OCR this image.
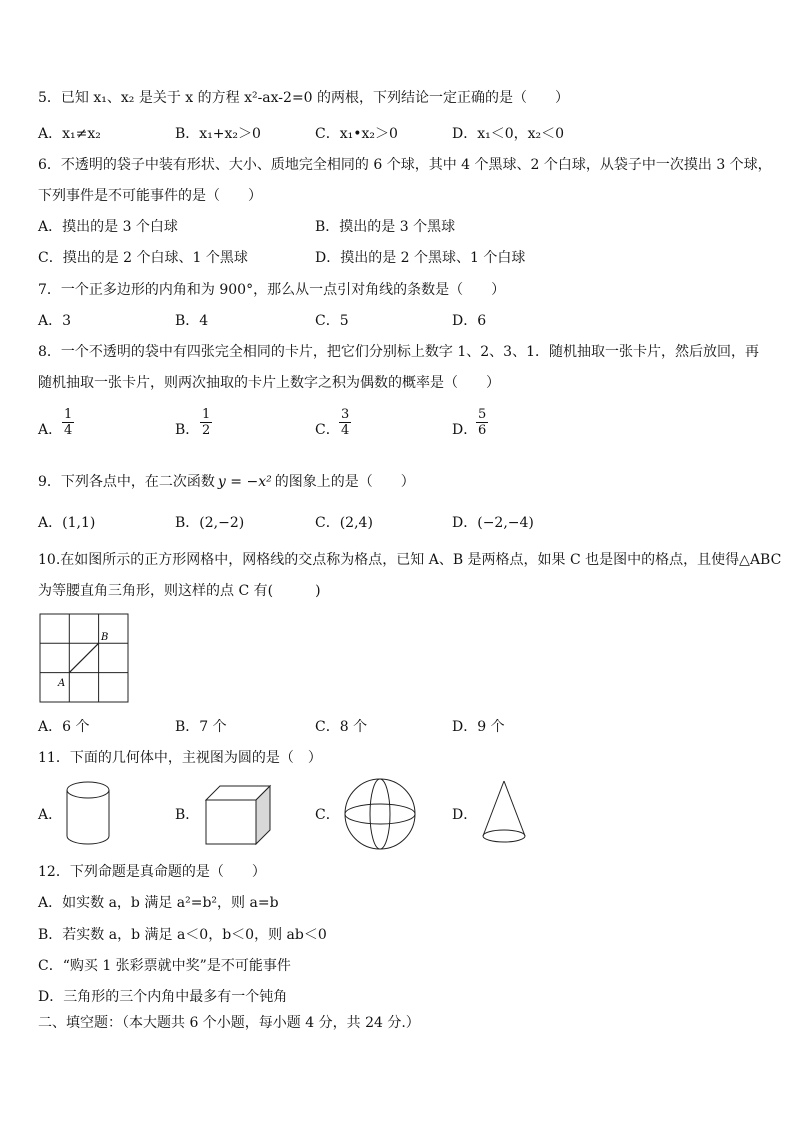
5．已知 x₁、x₂ 是关于 x 的方程 x²-ax-2=0 的两根，下列结论一定正确的是（　　）
A．x₁≠x₂	B．x₁+x₂＞0	C．x₁•x₂＞0	D．x₁＜0，x₂＜0
6．不透明的袋子中装有形状、大小、质地完全相同的 6 个球，其中 4 个黑球、2 个白球，从袋子中一次摸出 3 个球，
下列事件是不可能事件的是（　　）
A．摸出的是 3 个白球	B．摸出的是 3 个黑球
C．摸出的是 2 个白球、1 个黑球	D．摸出的是 2 个黑球、1 个白球
7．一个正多边形的内角和为 900°，那么从一点引对角线的条数是（　　）
A．3	B．4	C．5	D．6
8．一个不透明的袋中有四张完全相同的卡片，把它们分别标上数字 1、2、3、1．随机抽取一张卡片，然后放回，再
随机抽取一张卡片，则两次抽取的卡片上数字之积为偶数的概率是（　　）
A． $\frac{1}{4}$	B． $\frac{1}{2}$	C． $\frac{3}{4}$	D．
$\frac{5}{6}$
9．下列各点中，在二次函数 y = −x² 的图象上的是（　　）
A．(1,1)	B．(2,−2)	C．(2,4)	D．(−2,−4)
10.在如图所示的正方形网格中，网格线的交点称为格点，已知 A、B 是两格点，如果 C 也是图中的格点，且使得△ABC
为等腰直角三角形，则这样的点 C 有(　　　)
A
B
A．6 个	B．7 个	C．8 个	D．9 个
11．下面的几何体中，主视图为圆的是（　）
A．	B．	C．	D．
12．下列命题是真命题的是（　　）
A．如实数 a，b 满足 a²=b²，则 a=b
B．若实数 a，b 满足 a＜0，b＜0，则 ab＜0
C．“购买 1 张彩票就中奖”是不可能事件
D．三角形的三个内角中最多有一个钝角
二、填空题：（本大题共 6 个小题，每小题 4 分，共 24 分.）
